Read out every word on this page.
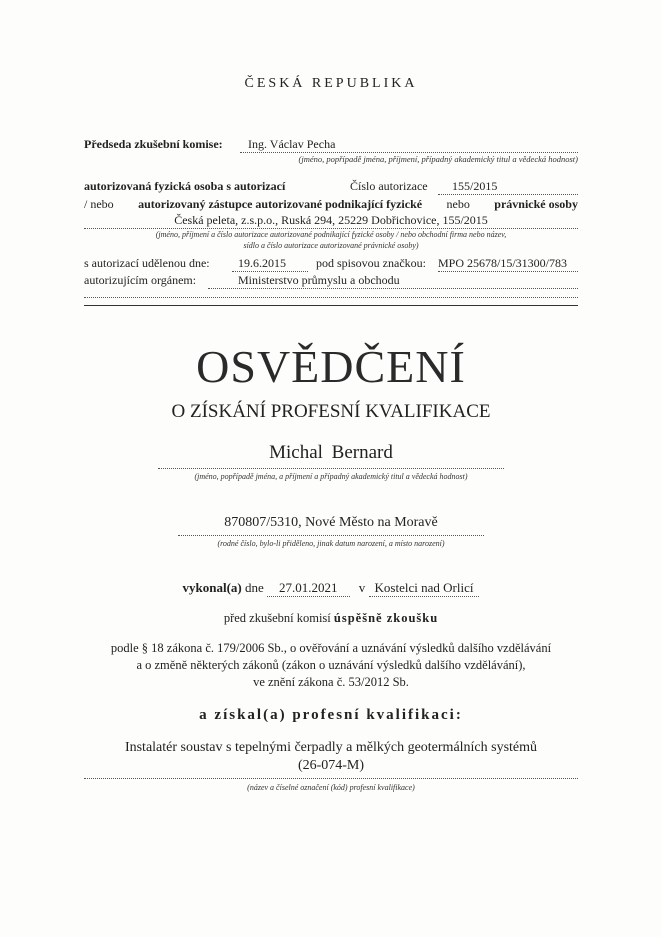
ČESKÁ REPUBLIKA
Předseda zkušební komise:	Ing. Václav Pecha
(jméno, popřípadě jména, příjmení, případný akademický titul a vědecká hodnost)
autorizovaná fyzická osoba s autorizací	Číslo autorizace	155/2015
/ nebo autorizovaný zástupce autorizované podnikající fyzické nebo právnické osoby
Česká peleta, z.s.p.o., Ruská 294, 25229 Dobřichovice, 155/2015
(jméno, příjmení a číslo autorizace autorizované podnikající fyzické osoby / nebo obchodní firma nebo název,
sídlo a číslo autorizace autorizované právnické osoby)
s autorizací udělenou dne:	19.6.2015	pod spisovou značkou: MPO 25678/15/31300/783
autorizujícím orgánem:	Ministerstvo průmyslu a obchodu
OSVĚDČENÍ
O ZÍSKÁNÍ PROFESNÍ KVALIFIKACE
Michal Bernard
(jméno, popřípadě jména, a příjmení a případný akademický titul a vědecká hodnost)
870807/5310, Nové Město na Moravě
(rodné číslo, bylo-li přiděleno, jinak datum narození, a místo narození)
vykonal(a) dne 27.01.2021 v Kostelci nad Orlicí
před zkušební komisí úspěšně zkoušku
podle § 18 zákona č. 179/2006 Sb., o ověřování a uznávání výsledků dalšího vzdělávání
a o změně některých zákonů (zákon o uznávání výsledků dalšího vzdělávání),
ve znění zákona č. 53/2012 Sb.
a získal(a) profesní kvalifikaci:
Instalatér soustav s tepelnými čerpadly a mělkých geotermálních systémů
(26-074-M)
(název a číselné označení (kód) profesní kvalifikace)
